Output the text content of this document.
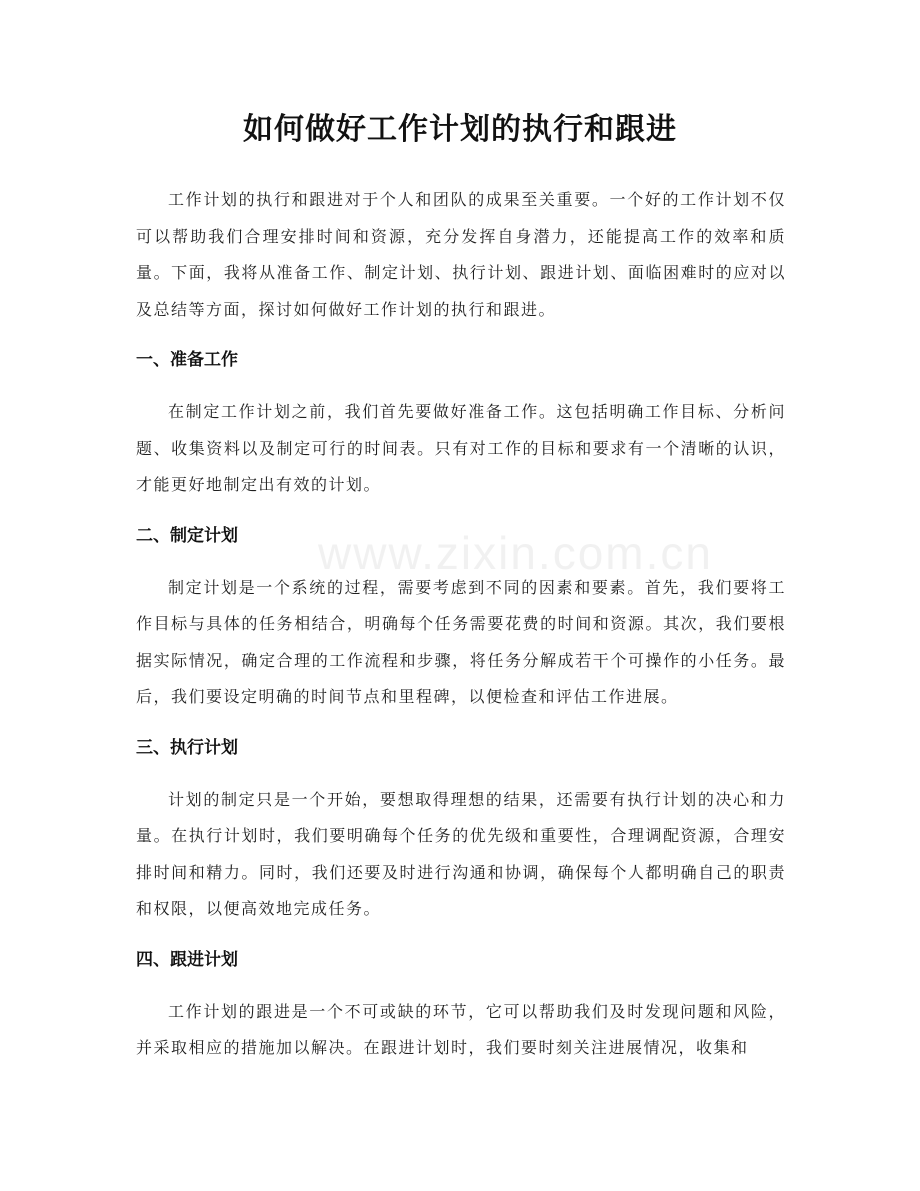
如何做好工作计划的执行和跟进

工作计划的执行和跟进对于个人和团队的成果至关重要。一个好的工作计划不仅可以帮助我们合理安排时间和资源，充分发挥自身潜力，还能提高工作的效率和质量。下面，我将从准备工作、制定计划、执行计划、跟进计划、面临困难时的应对以及总结等方面，探讨如何做好工作计划的执行和跟进。

一、准备工作

在制定工作计划之前，我们首先要做好准备工作。这包括明确工作目标、分析问题、收集资料以及制定可行的时间表。只有对工作的目标和要求有一个清晰的认识，才能更好地制定出有效的计划。

二、制定计划

制定计划是一个系统的过程，需要考虑到不同的因素和要素。首先，我们要将工作目标与具体的任务相结合，明确每个任务需要花费的时间和资源。其次，我们要根据实际情况，确定合理的工作流程和步骤，将任务分解成若干个可操作的小任务。最后，我们要设定明确的时间节点和里程碑，以便检查和评估工作进展。

三、执行计划

计划的制定只是一个开始，要想取得理想的结果，还需要有执行计划的决心和力量。在执行计划时，我们要明确每个任务的优先级和重要性，合理调配资源，合理安排时间和精力。同时，我们还要及时进行沟通和协调，确保每个人都明确自己的职责和权限，以便高效地完成任务。

四、跟进计划

工作计划的跟进是一个不可或缺的环节，它可以帮助我们及时发现问题和风险，并采取相应的措施加以解决。在跟进计划时，我们要时刻关注进展情况，收集和

www.zixin.com.cn
